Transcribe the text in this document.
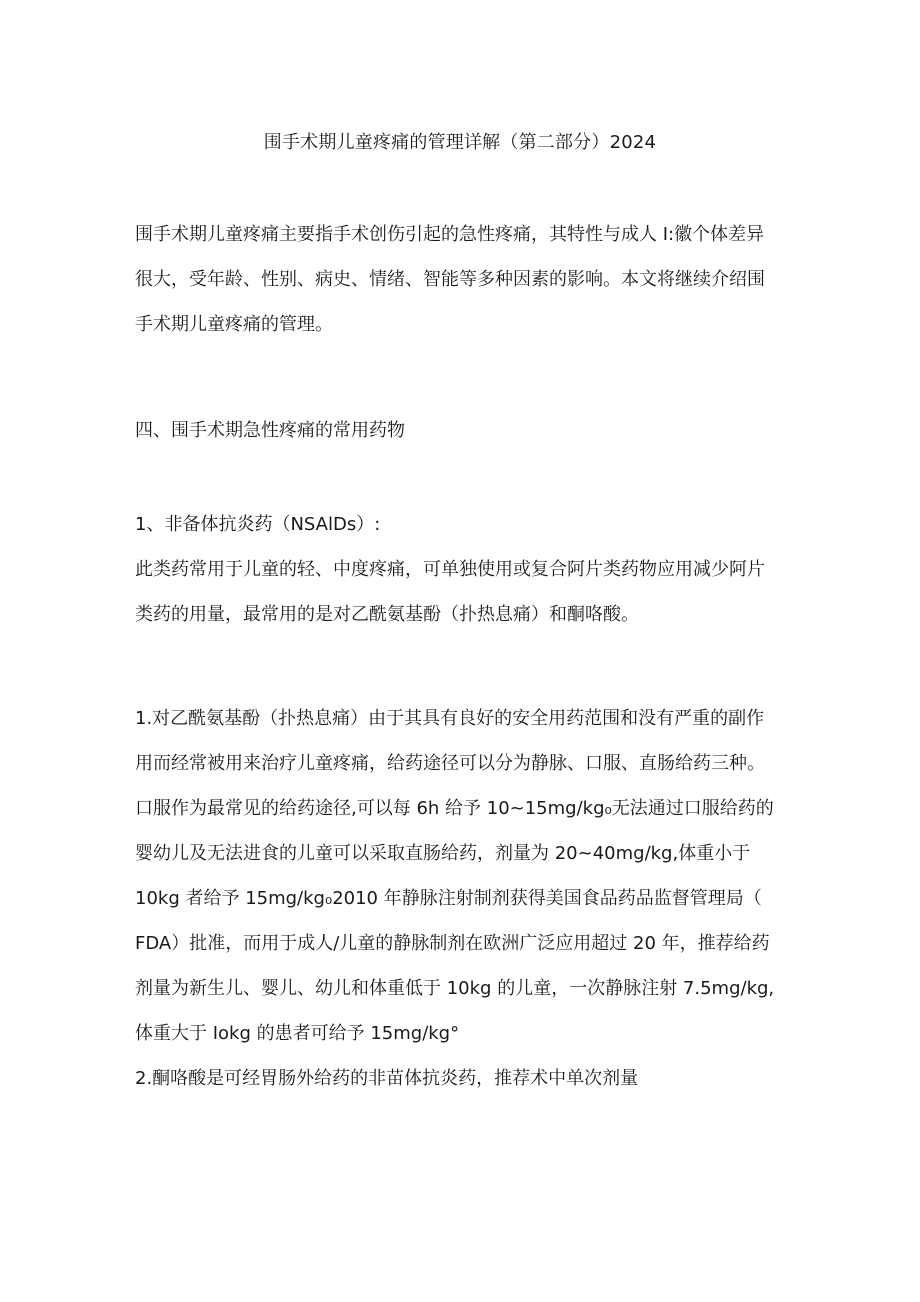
围手术期儿童疼痛的管理详解（第二部分）2024

围手术期儿童疼痛主要指手术创伤引起的急性疼痛，其特性与成人 I:徽个体差异
很大，受年龄、性别、病史、情绪、智能等多种因素的影响。本文将继续介绍围
手术期儿童疼痛的管理。

四、围手术期急性疼痛的常用药物

1、非备体抗炎药（NSAlDs）:
此类药常用于儿童的轻、中度疼痛，可单独使用或复合阿片类药物应用减少阿片
类药的用量，最常用的是对乙酰氨基酚（扑热息痛）和酮咯酸。

1.对乙酰氨基酚（扑热息痛）由于其具有良好的安全用药范围和没有严重的副作
用而经常被用来治疗儿童疼痛，给药途径可以分为静脉、口服、直肠给药三种。
口服作为最常见的给药途径,可以每 6h 给予 10~15mg∕kg₀无法通过口服给药的
婴幼儿及无法进食的儿童可以采取直肠给药，剂量为 20~40mg∕kg,体重小于
10kg 者给予 15mg∕kg₀2010 年静脉注射制剂获得美国食品药品监督管理局（
FDA）批准，而用于成人/儿童的静脉制剂在欧洲广泛应用超过 20 年，推荐给药
剂量为新生儿、婴儿、幼儿和体重低于 10kg 的儿童，一次静脉注射 7.5mg∕kg,
体重大于 Iokg 的患者可给予 15mg∕kg°
2.酮咯酸是可经胃肠外给药的非苗体抗炎药，推荐术中单次剂量
